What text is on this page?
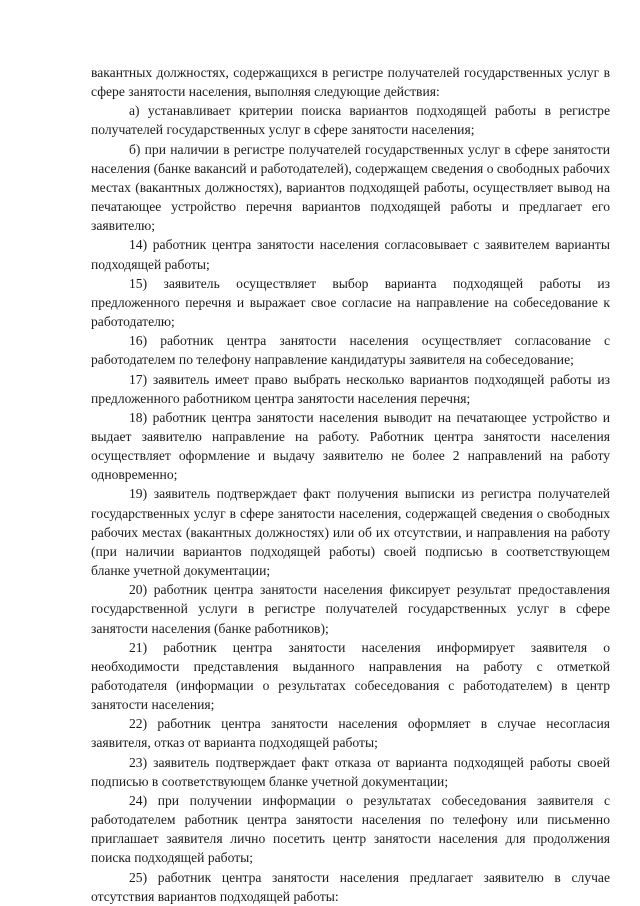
вакантных должностях, содержащихся в регистре получателей государственных услуг в сфере занятости населения, выполняя следующие действия:

а) устанавливает критерии поиска вариантов подходящей работы в регистре получателей государственных услуг в сфере занятости населения;

б) при наличии в регистре получателей государственных услуг в сфере занятости населения (банке вакансий и работодателей), содержащем сведения о свободных рабочих местах (вакантных должностях), вариантов подходящей работы, осуществляет вывод на печатающее устройство перечня вариантов подходящей работы и предлагает его заявителю;

14) работник центра занятости населения согласовывает с заявителем варианты подходящей работы;

15) заявитель осуществляет выбор варианта подходящей работы из предложенного перечня и выражает свое согласие на направление на собеседование к работодателю;

16) работник центра занятости населения осуществляет согласование с работодателем по телефону направление кандидатуры заявителя на собеседование;

17) заявитель имеет право выбрать несколько вариантов подходящей работы из предложенного работником центра занятости населения перечня;

18) работник центра занятости населения выводит на печатающее устройство и выдает заявителю направление на работу. Работник центра занятости населения осуществляет оформление и выдачу заявителю не более 2 направлений на работу одновременно;

19) заявитель подтверждает факт получения выписки из регистра получателей государственных услуг в сфере занятости населения, содержащей сведения о свободных рабочих местах (вакантных должностях) или об их отсутствии, и направления на работу (при наличии вариантов подходящей работы) своей подписью в соответствующем бланке учетной документации;

20) работник центра занятости населения фиксирует результат предоставления государственной услуги в регистре получателей государственных услуг в сфере занятости населения (банке работников);

21) работник центра занятости населения информирует заявителя о необходимости представления выданного направления на работу с отметкой работодателя (информации о результатах собеседования с работодателем) в центр занятости населения;

22) работник центра занятости населения оформляет в случае несогласия заявителя, отказ от варианта подходящей работы;

23) заявитель подтверждает факт отказа от варианта подходящей работы своей подписью в соответствующем бланке учетной документации;

24) при получении информации о результатах собеседования заявителя с работодателем работник центра занятости населения по телефону или письменно приглашает заявителя лично посетить центр занятости населения для продолжения поиска подходящей работы;

25) работник центра занятости населения предлагает заявителю в случае отсутствия вариантов подходящей работы:
